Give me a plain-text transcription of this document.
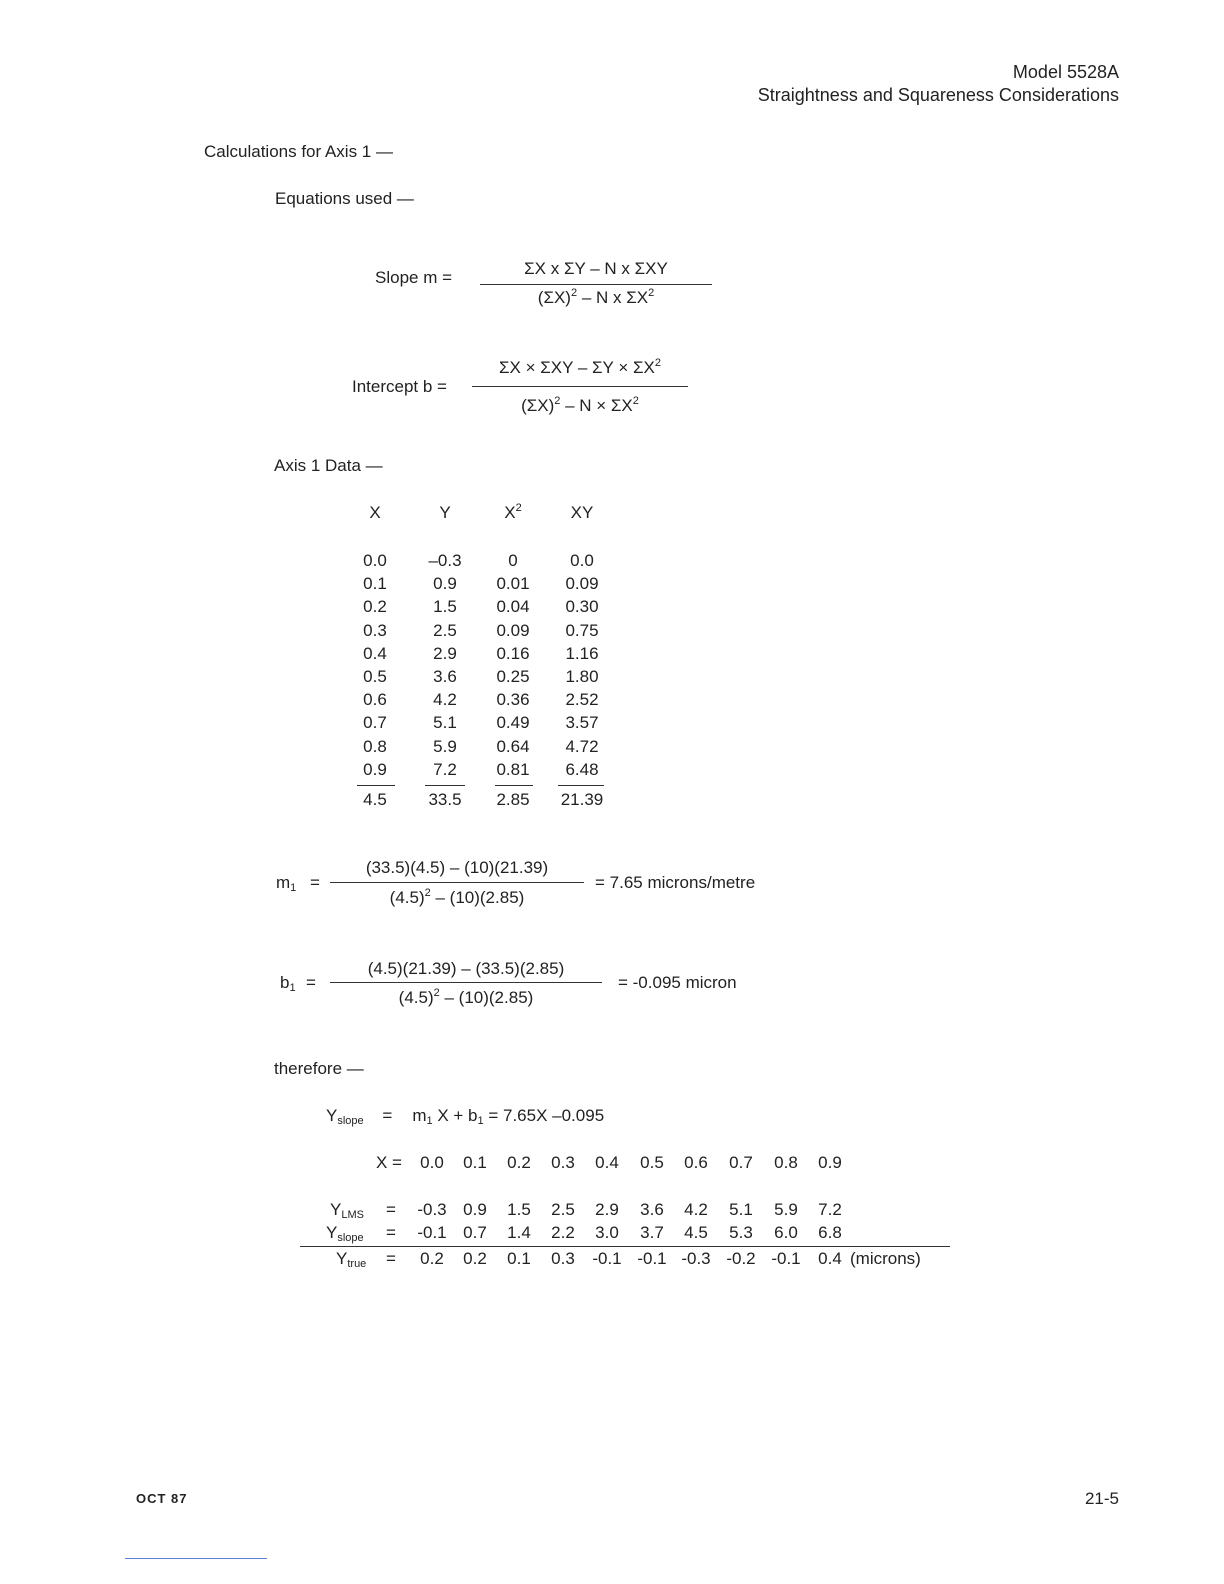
Model 5528A
Straightness and Squareness Considerations
Calculations for Axis 1 —
Equations used —
Slope m =	ΣX x ΣY – N x ΣXY
$(\Sigma X)^2$ – N x $\Sigma X^2$
Intercept b =
$\Sigma X \times \Sigma XY - \Sigma Y \times \Sigma X^2$
$(\Sigma X)^2 - N \times \Sigma X^2$
Axis 1 Data —
X	Y	$X^2$	XY
0.0	–0.3	0	0.0
0.1	0.9	0.01	0.09
0.2	1.5	0.04	0.30
0.3	2.5	0.09	0.75
0.4	2.9	0.16	1.16
0.5	3.6	0.25	1.80
0.6	4.2	0.36	2.52
0.7	5.1	0.49	3.57
0.8	5.9	0.64	4.72
0.9	7.2	0.81	6.48
4.5	33.5	2.85	21.39
$m_1$ =
(33.5)(4.5) – (10)(21.39)
$(4.5)^2 - (10)(2.85)$
= 7.65 microns/metre
$b_1$ =
(4.5)(21.39) – (33.5)(2.85)
$(4.5)^2 - (10)(2.85)$
= -0.095 micron
therefore —
$Y_{slope} = m_1$ $X + b_1 = 7.65X$ –0.095
X =	0.0	0.1	0.2	0.3	0.4	0.5	0.6	0.7	0.8	0.9
$Y_{LMS}$ =	-0.3 0.9	1.5	2.5	2.9	3.6	4.2	5.1	5.9	7.2
$Y_{slope}$ =	-0.1 0.7	1.4	2.2	3.0	3.7	4.5	5.3	6.0	6.8
$Y_{true}$ =	0.2	0.2	0.1	0.3	-0.1 -0.1 -0.3 -0.2 -0.1	0.4 (microns)
OCT 87	21-5
